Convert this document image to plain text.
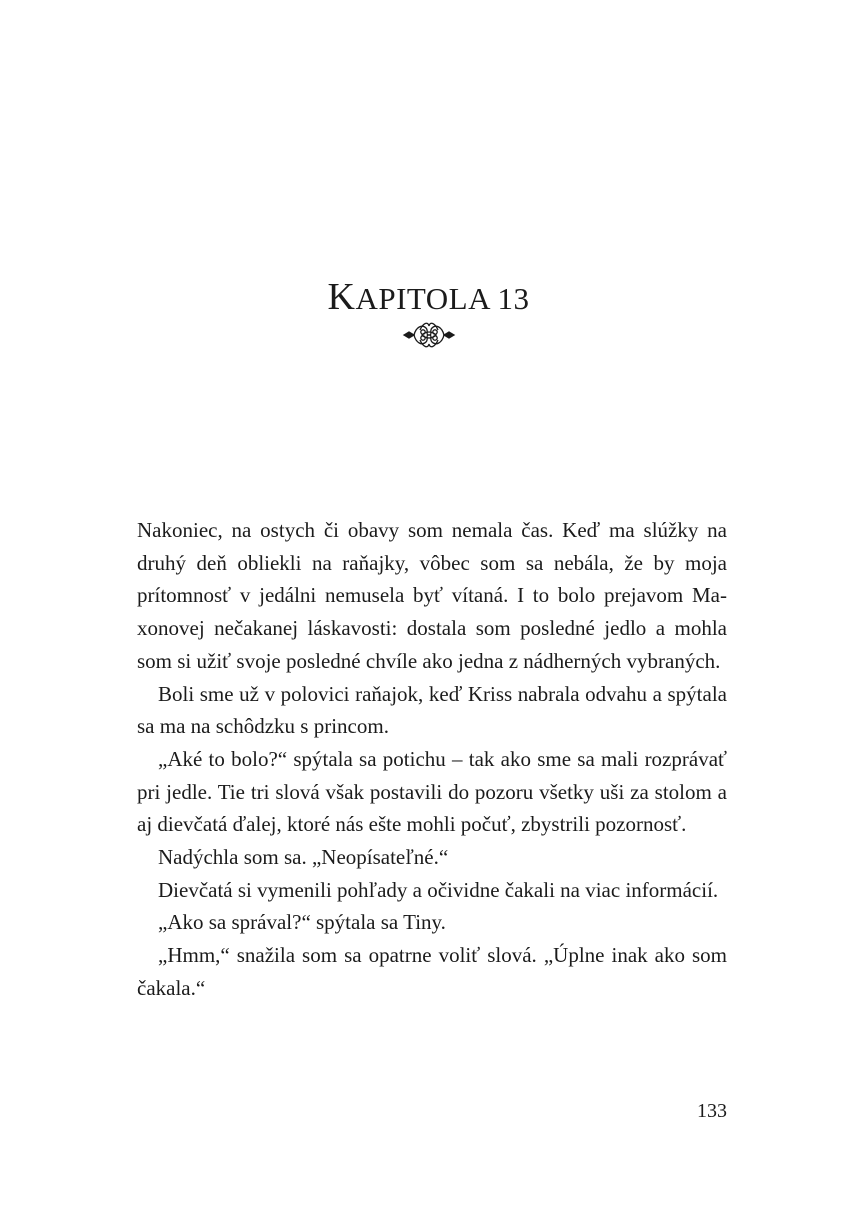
KAPITOLA 13

Nakoniec, na ostych či obavy som nemala čas. Keď ma slúžky na druhý deň obliekli na raňajky, vôbec som sa nebála, že by moja prítomnosť v jedálni nemusela byť vítaná. I to bolo prejavom Maxonovej nečakanej láskavosti: dostala som posledné jedlo a mohla som si užiť svoje posledné chvíle ako jedna z nádherných vybraných.

Boli sme už v polovici raňajok, keď Kriss nabrala odvahu a spýtala sa ma na schôdzku s princom.

„Aké to bolo?“ spýtala sa potichu – tak ako sme sa mali rozprávať pri jedle. Tie tri slová však postavili do pozoru všetky uši za stolom a aj dievčatá ďalej, ktoré nás ešte mohli počuť, zbystrili pozornosť.

Nadýchla som sa. „Neopísateľné.“

Dievčatá si vymenili pohľady a očividne čakali na viac informácií.

„Ako sa správal?“ spýtala sa Tiny.

„Hmm,“ snažila som sa opatrne voliť slová. „Úplne inak ako som čakala.“

133
